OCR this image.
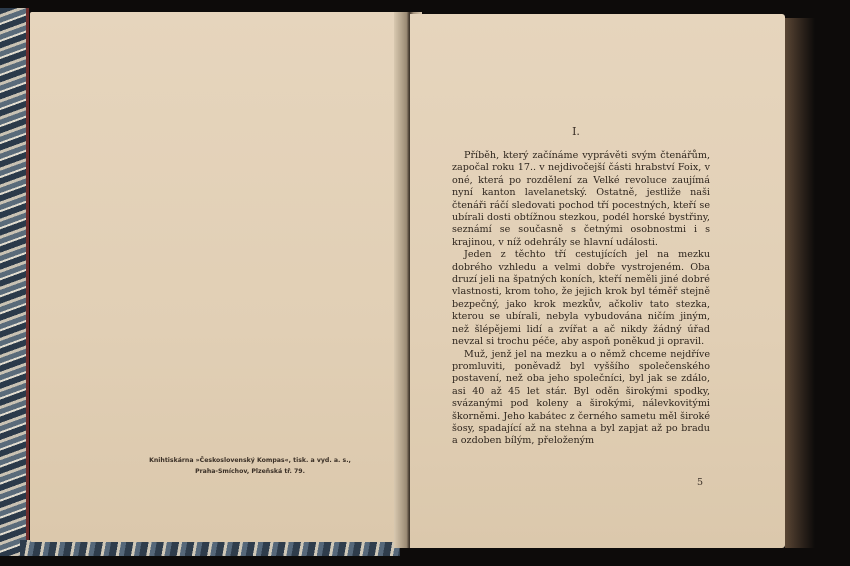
Knihtiskárna »Československý Kompas«, tisk. a vyd. a. s.,
Praha-Smíchov, Plzeňská tř. 79.
I.

Příběh, který začínáme vyprávěti svým čtenářům, započal roku 17.. v nejdivočejší části hrabství Foix, v oné, která po rozdělení za Velké revoluce zaujímá nyní kanton lavelanetský. Ostatně, jestliže naši čtenáři ráčí sledovati pochod tří pocestných, kteří se ubírali dosti obtížnou stezkou, podél horské bystřiny, seznámí se současně s četnými osobnostmi i s krajinou, v níž odehrály se hlavní události.

Jeden z těchto tří cestujících jel na mezku dobrého vzhledu a velmi dobře vystrojeném. Oba druzí jeli na špatných koních, kteří neměli jiné dobré vlastnosti, krom toho, že jejich krok byl téměř stejně bezpečný, jako krok mezkův, ačkoliv tato stezka, kterou se ubírali, nebyla vybudována ničím jiným, než šlépějemi lidí a zvířat a ač nikdy žádný úřad nevzal si trochu péče, aby aspoň poněkud ji opravil.

Muž, jenž jel na mezku a o němž chceme nejdříve promluviti, poněvadž byl vyššího společenského postavení, než oba jeho společníci, byl jak se zdálo, asi 40 až 45 let stár. Byl oděn širokými spodky, svázanými pod koleny a širokými, nálevkovitými škorněmi. Jeho kabátec z černého sametu měl široké šosy, spadající až na stehna a byl zapjat až po bradu a ozdoben bílým, přeloženým

5
